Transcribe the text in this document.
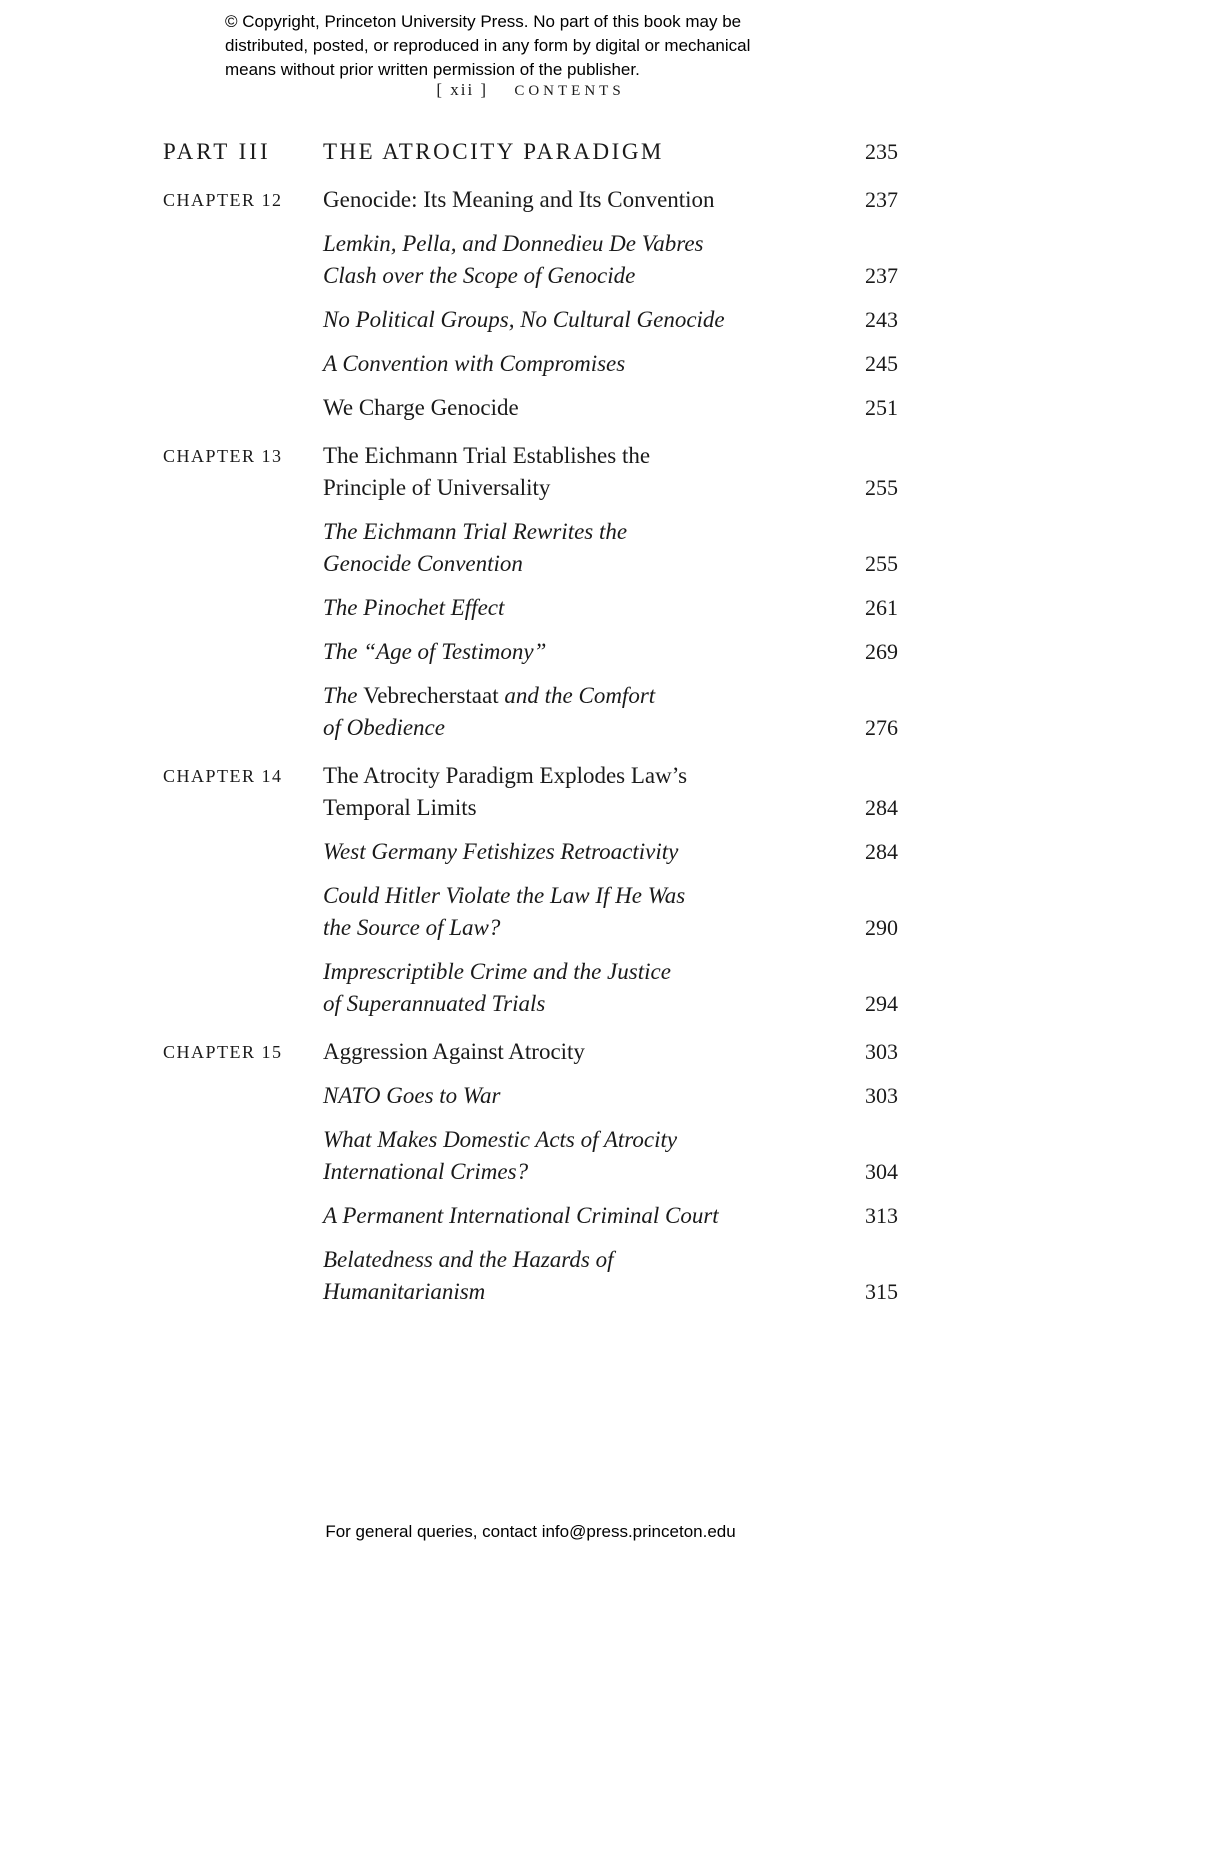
© Copyright, Princeton University Press. No part of this book may be
distributed, posted, or reproduced in any form by digital or mechanical
means without prior written permission of the publisher.
[ xii ] CONTENTS
PART III	THE ATROCITY PARADIGM	235
CHAPTER 12	Genocide: Its Meaning and Its Convention	237
Lemkin, Pella, and Donnedieu De Vabres
Clash over the Scope of Genocide	237
No Political Groups, No Cultural Genocide	243
A Convention with Compromises	245
We Charge Genocide	251
CHAPTER 13	The Eichmann Trial Establishes the
Principle of Universality	255
The Eichmann Trial Rewrites the
Genocide Convention	255
The Pinochet Effect	261
The “Age of Testimony”	269
The Vebrecherstaat and the Comfort
of Obedience	276
CHAPTER 14	The Atrocity Paradigm Explodes Law’s
Temporal Limits	284
West Germany Fetishizes Retroactivity	284
Could Hitler Violate the Law If He Was
the Source of Law?	290
Imprescriptible Crime and the Justice
of Superannuated Trials	294
CHAPTER 15	Aggression Against Atrocity	303
NATO Goes to War	303
What Makes Domestic Acts of Atrocity
International Crimes?	304
A Permanent International Criminal Court	313
Belatedness and the Hazards of
Humanitarianism	315
For general queries, contact info@press.princeton.edu
